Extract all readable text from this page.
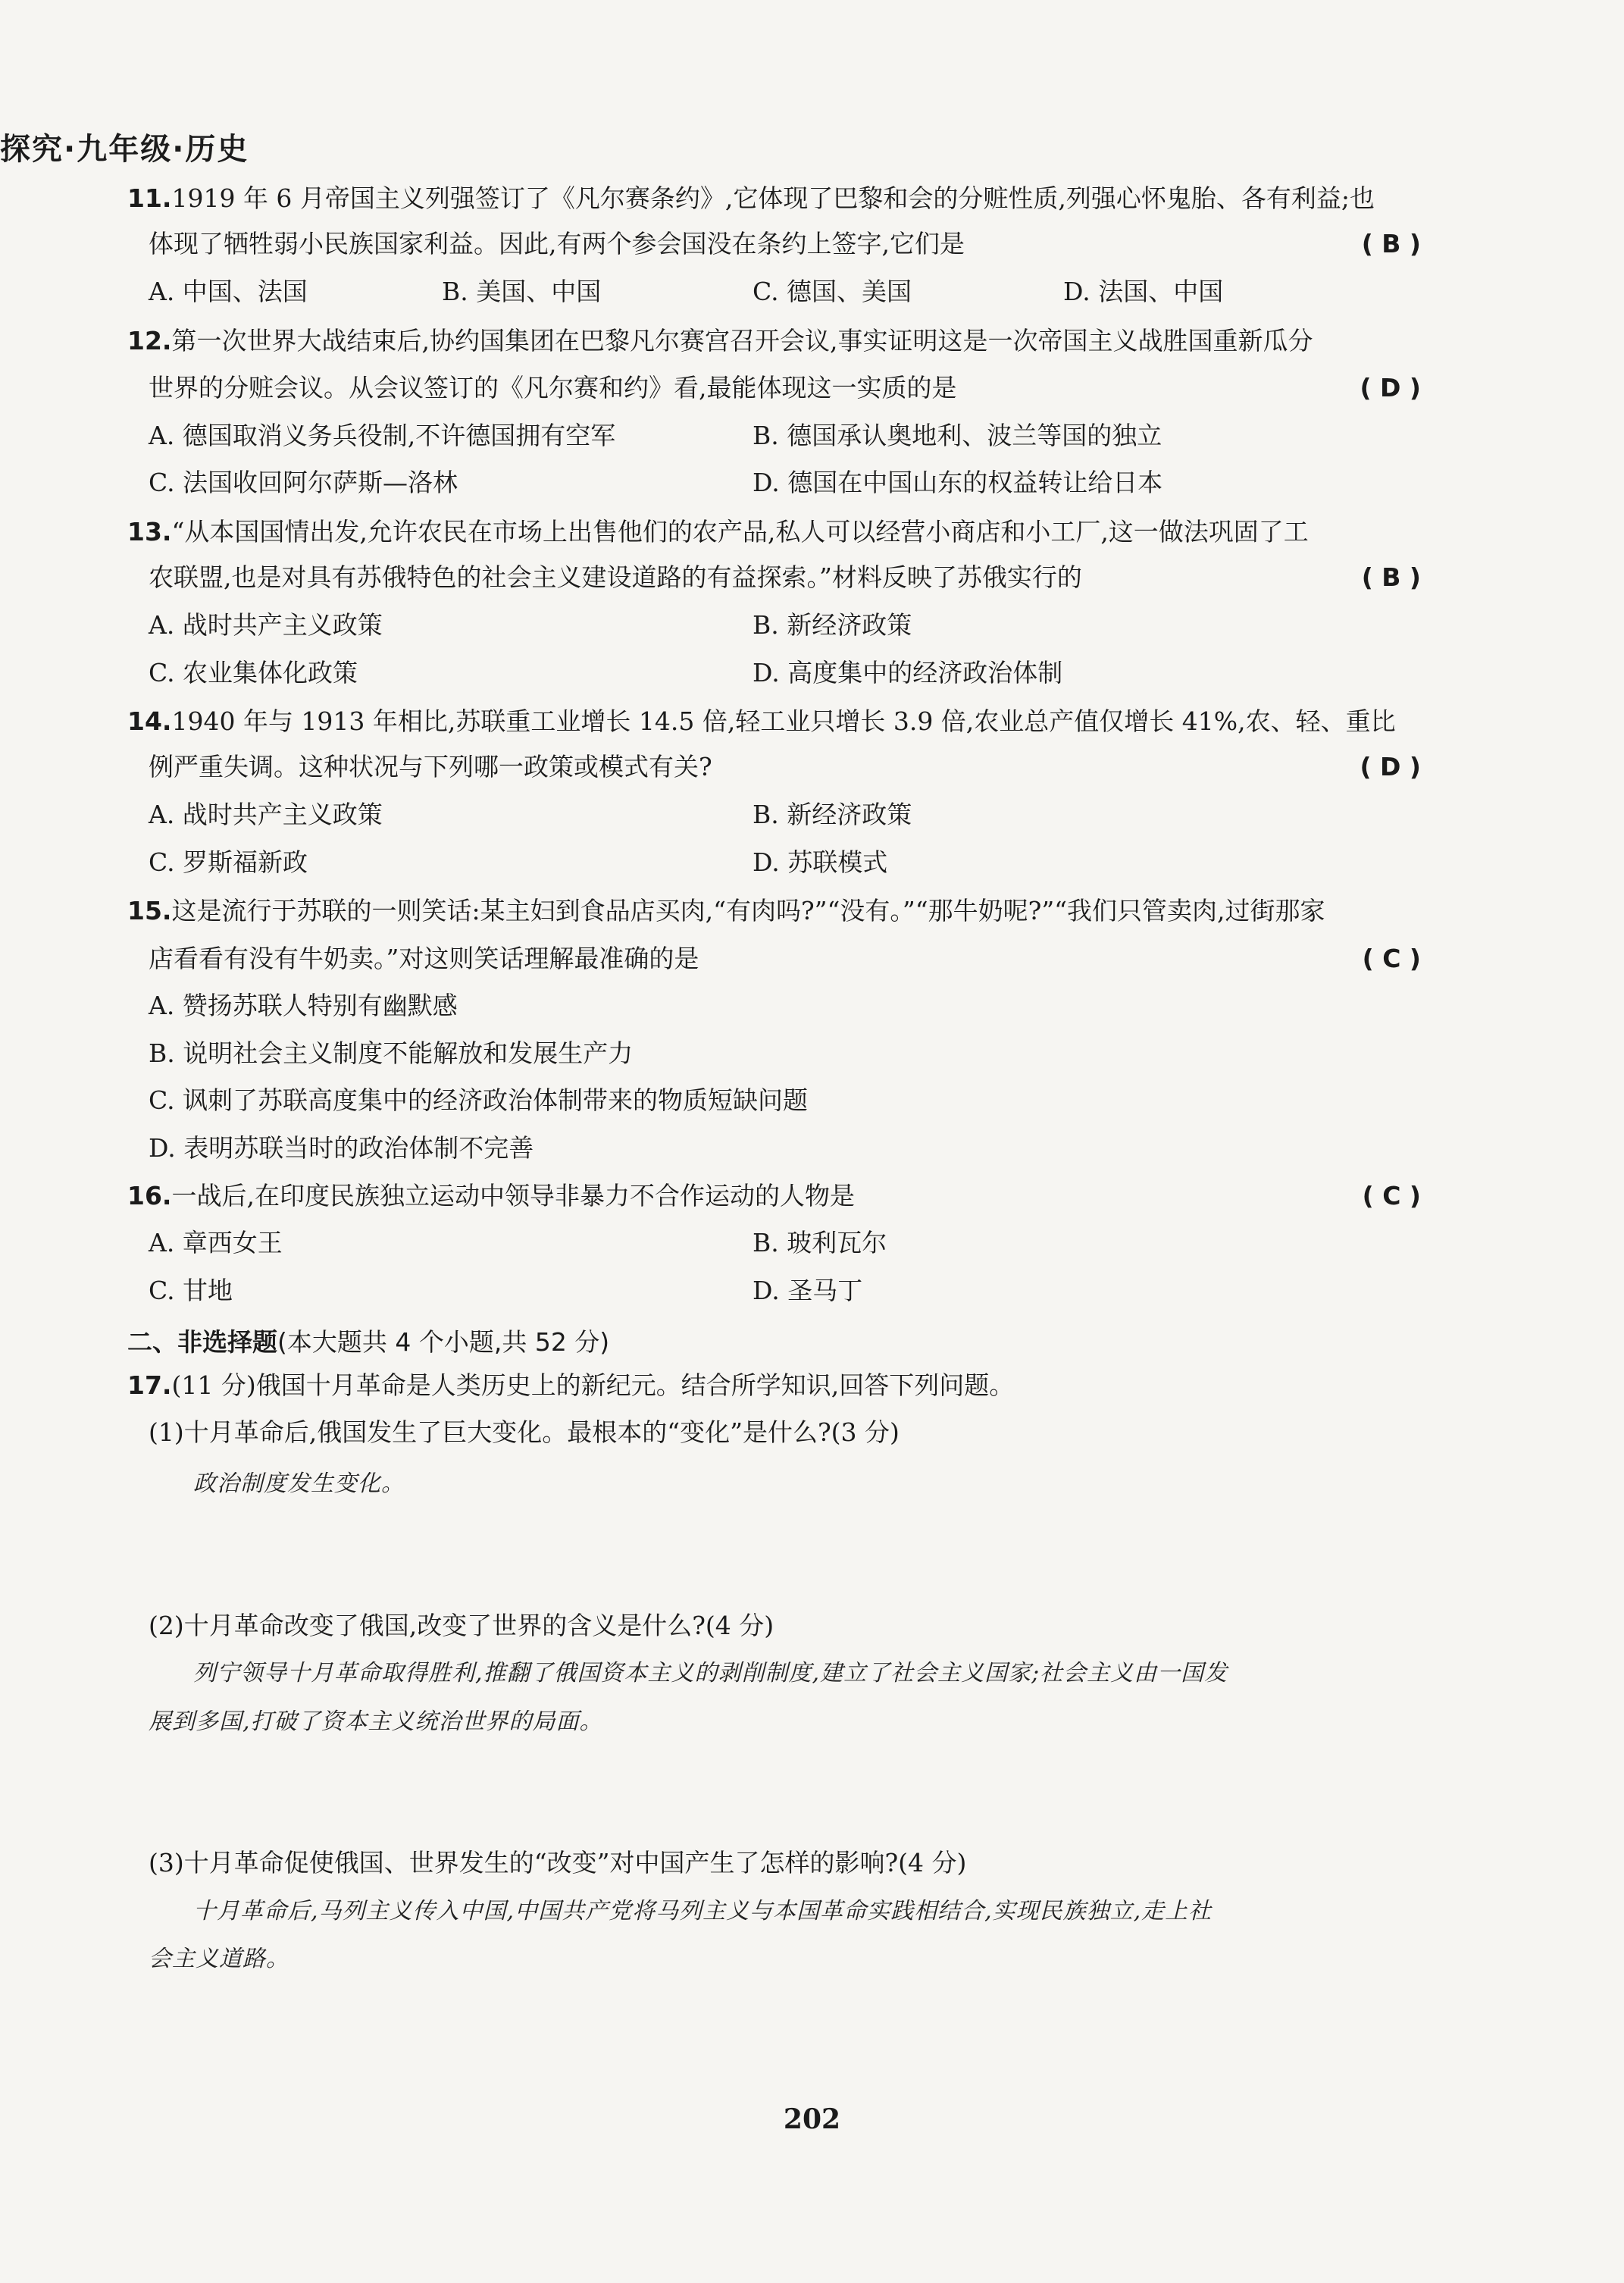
探究·九年级·历史
11.1919 年 6 月帝国主义列强签订了《凡尔赛条约》,它体现了巴黎和会的分赃性质,列强心怀鬼胎、各有利益;也
体现了牺牲弱小民族国家利益。因此,有两个参会国没在条约上签字,它们是	( B )
A. 中国、法国	B. 美国、中国	C. 德国、美国	D. 法国、中国
12.第一次世界大战结束后,协约国集团在巴黎凡尔赛宫召开会议,事实证明这是一次帝国主义战胜国重新瓜分
世界的分赃会议。从会议签订的《凡尔赛和约》看,最能体现这一实质的是	( D )
A. 德国取消义务兵役制,不许德国拥有空军	B. 德国承认奥地利、波兰等国的独立
C. 法国收回阿尔萨斯—洛林	D. 德国在中国山东的权益转让给日本
13.“从本国国情出发,允许农民在市场上出售他们的农产品,私人可以经营小商店和小工厂,这一做法巩固了工
农联盟,也是对具有苏俄特色的社会主义建设道路的有益探索。”材料反映了苏俄实行的	( B )
A. 战时共产主义政策	B. 新经济政策
C. 农业集体化政策	D. 高度集中的经济政治体制
14.1940 年与 1913 年相比,苏联重工业增长 14.5 倍,轻工业只增长 3.9 倍,农业总产值仅增长 41%,农、轻、重比
例严重失调。这种状况与下列哪一政策或模式有关?	( D )
A. 战时共产主义政策	B. 新经济政策
C. 罗斯福新政	D. 苏联模式
15.这是流行于苏联的一则笑话:某主妇到食品店买肉,“有肉吗?”“没有。”“那牛奶呢?”“我们只管卖肉,过街那家
店看看有没有牛奶卖。”对这则笑话理解最准确的是	( C )
A. 赞扬苏联人特别有幽默感
B. 说明社会主义制度不能解放和发展生产力
C. 讽刺了苏联高度集中的经济政治体制带来的物质短缺问题
D. 表明苏联当时的政治体制不完善
16.一战后,在印度民族独立运动中领导非暴力不合作运动的人物是	( C )
A. 章西女王	B. 玻利瓦尔
C. 甘地	D. 圣马丁
二、非选择题(本大题共 4 个小题,共 52 分)
17.(11 分)俄国十月革命是人类历史上的新纪元。结合所学知识,回答下列问题。
(1)十月革命后,俄国发生了巨大变化。最根本的“变化”是什么?(3 分)
政治制度发生变化。
(2)十月革命改变了俄国,改变了世界的含义是什么?(4 分)
列宁领导十月革命取得胜利,推翻了俄国资本主义的剥削制度,建立了社会主义国家;社会主义由一国发
展到多国,打破了资本主义统治世界的局面。
(3)十月革命促使俄国、世界发生的“改变”对中国产生了怎样的影响?(4 分)
十月革命后,马列主义传入中国,中国共产党将马列主义与本国革命实践相结合,实现民族独立,走上社
会主义道路。
202
